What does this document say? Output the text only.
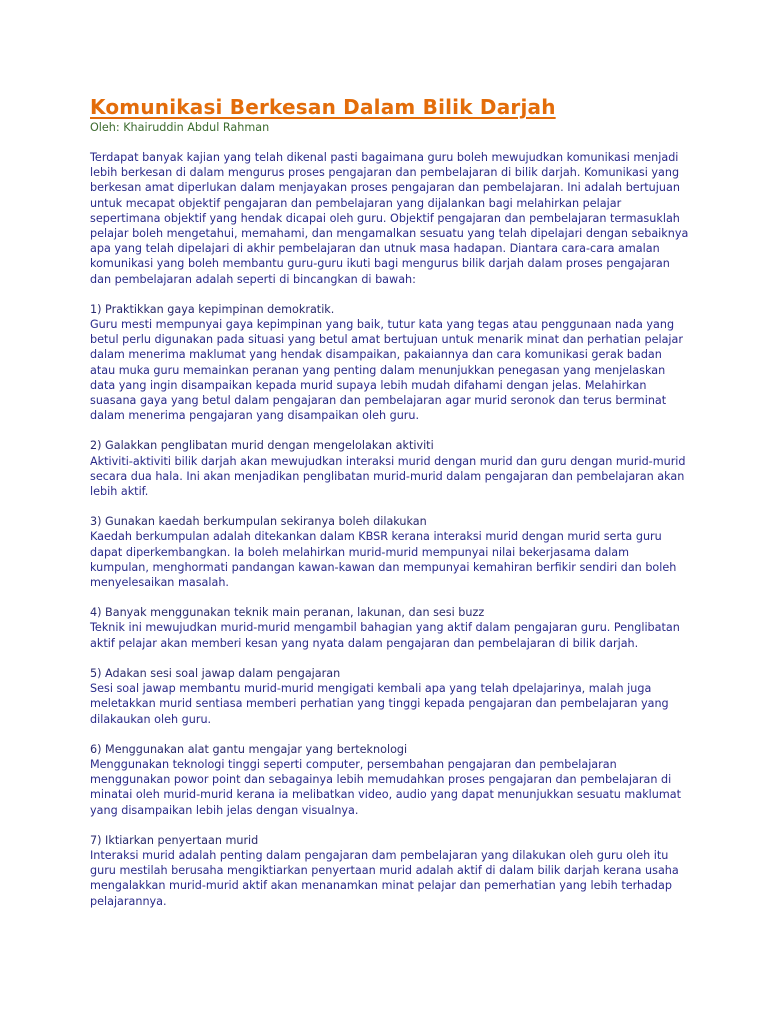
Komunikasi Berkesan Dalam Bilik Darjah

Oleh: Khairuddin Abdul Rahman

Terdapat banyak kajian yang telah dikenal pasti bagaimana guru boleh mewujudkan komunikasi menjadi lebih berkesan di dalam mengurus proses pengajaran dan pembelajaran di bilik darjah. Komunikasi yang berkesan amat diperlukan dalam menjayakan proses pengajaran dan pembelajaran. Ini adalah bertujuan untuk mecapat objektif pengajaran dan pembelajaran yang dijalankan bagi melahirkan pelajar sepertimana objektif yang hendak dicapai oleh guru. Objektif pengajaran dan pembelajaran termasuklah pelajar boleh mengetahui, memahami, dan mengamalkan sesuatu yang telah dipelajari dengan sebaiknya apa yang telah dipelajari di akhir pembelajaran dan utnuk masa hadapan. Diantara cara-cara amalan komunikasi yang boleh membantu guru-guru ikuti bagi mengurus bilik darjah dalam proses pengajaran dan pembelajaran adalah seperti di bincangkan di bawah:

1) Praktikkan gaya kepimpinan demokratik.

Guru mesti mempunyai gaya kepimpinan yang baik, tutur kata yang tegas atau penggunaan nada yang betul perlu digunakan pada situasi yang betul amat bertujuan untuk menarik minat dan perhatian pelajar dalam menerima maklumat yang hendak disampaikan, pakaiannya dan cara komunikasi gerak badan atau muka guru memainkan peranan yang penting dalam menunjukkan penegasan yang menjelaskan data yang ingin disampaikan kepada murid supaya lebih mudah difahami dengan jelas. Melahirkan suasana gaya yang betul dalam pengajaran dan pembelajaran agar murid seronok dan terus berminat dalam menerima pengajaran yang disampaikan oleh guru.

2) Galakkan penglibatan murid dengan mengelolakan aktiviti

Aktiviti-aktiviti bilik darjah akan mewujudkan interaksi murid dengan murid dan guru dengan murid-murid secara dua hala. Ini akan menjadikan penglibatan murid-murid dalam pengajaran dan pembelajaran akan lebih aktif.

3) Gunakan kaedah berkumpulan sekiranya boleh dilakukan

Kaedah berkumpulan adalah ditekankan dalam KBSR kerana interaksi murid dengan murid serta guru dapat diperkembangkan. Ia boleh melahirkan murid-murid mempunyai nilai bekerjasama dalam kumpulan, menghormati pandangan kawan-kawan dan mempunyai kemahiran berfikir sendiri dan boleh menyelesaikan masalah.

4) Banyak menggunakan teknik main peranan, lakunan, dan sesi buzz

Teknik ini mewujudkan murid-murid mengambil bahagian yang aktif dalam pengajaran guru. Penglibatan aktif pelajar akan memberi kesan yang nyata dalam pengajaran dan pembelajaran di bilik darjah.

5) Adakan sesi soal jawap dalam pengajaran

Sesi soal jawap membantu murid-murid mengigati kembali apa yang telah dpelajarinya, malah juga meletakkan murid sentiasa memberi perhatian yang tinggi kepada pengajaran dan pembelajaran yang dilakaukan oleh guru.

6) Menggunakan alat gantu mengajar yang berteknologi

Menggunakan teknologi tinggi seperti computer, persembahan pengajaran dan pembelajaran menggunakan powor point dan sebagainya lebih memudahkan proses pengajaran dan pembelajaran di minatai oleh murid-murid kerana ia melibatkan video, audio yang dapat menunjukkan sesuatu maklumat yang disampaikan lebih jelas dengan visualnya.

7) Iktiarkan penyertaan murid

Interaksi murid adalah penting dalam pengajaran dam pembelajaran yang dilakukan oleh guru oleh itu guru mestilah berusaha mengiktiarkan penyertaan murid adalah aktif di dalam bilik darjah kerana usaha mengalakkan murid-murid aktif akan menanamkan minat pelajar dan pemerhatian yang lebih terhadap pelajarannya.
